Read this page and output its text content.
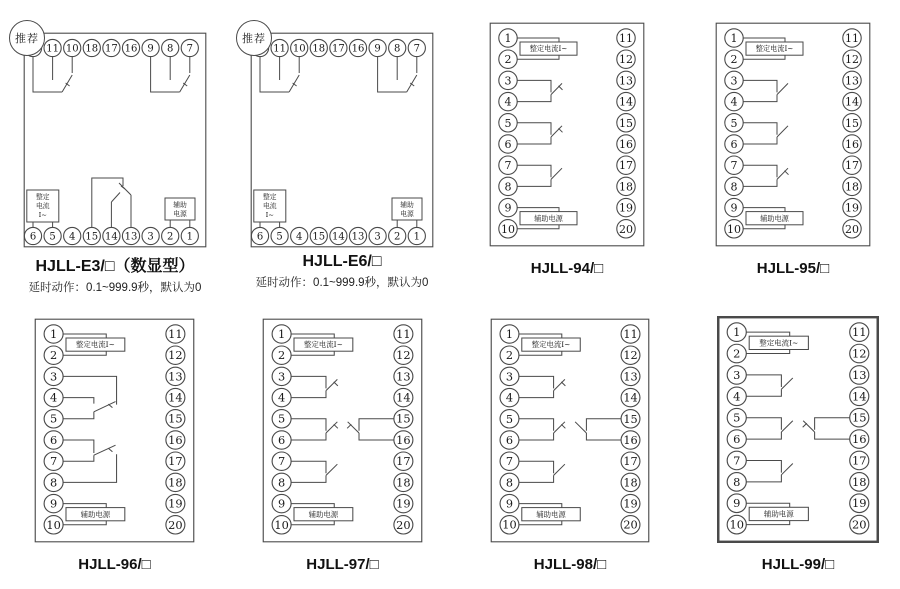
整定
电流
I~
辅助
电源
11 10 18 17 16 9 8 7
6 5 4 15 14 13 3 2 1
推荐
HJLL-E3/□（数显型）
延时动作：0.1~999.9秒，默认为0
整定
电流
I~
辅助
电源
11 10 18 17 16 9 8 7
6 5 4 15 14 13 3 2 1
推荐
HJLL-E6/□
延时动作：0.1~999.9秒，默认为0
整定电流I~
辅助电源
1
2
3
4
5
6
7
8
9
10
11
12
13
14
15
16
17
18
19
20
HJLL-94/□
整定电流I~
辅助电源
1
2
3
4
5
6
7
8
9
10
11
12
13
14
15
16
17
18
19
20
HJLL-95/□
整定电流I~
辅助电源
1
2
3
4
5
6
7
8
9
10
11
12
13
14
15
16
17
18
19
20
HJLL-96/□
整定电流I~
辅助电源
1
2
3
4
5
6
7
8
9
10
11
12
13
14
15
16
17
18
19
20
HJLL-97/□
整定电流I~
辅助电源
1
2
3
4
5
6
7
8
9
10
11
12
13
14
15
16
17
18
19
20
HJLL-98/□
整定电流I~
辅助电源
1
2
3
4
5
6
7
8
9
10
11
12
13
14
15
16
17
18
19
20
HJLL-99/□
